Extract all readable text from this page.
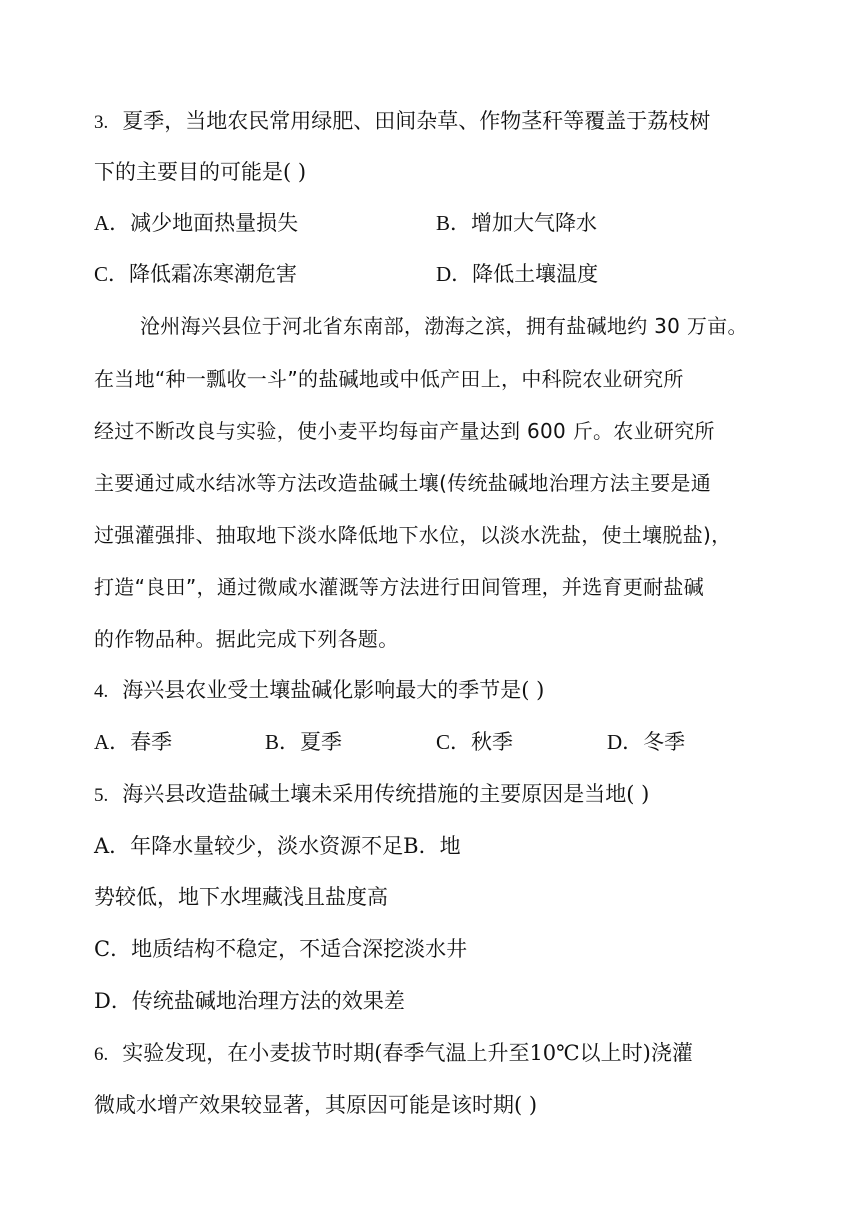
3. 夏季，当地农民常用绿肥、田间杂草、作物茎秆等覆盖于荔枝树
下的主要目的可能是( )
A．减少地面热量损失	B．增加大气降水
C．降低霜冻寒潮危害	D．降低土壤温度
沧州海兴县位于河北省东南部，渤海之滨，拥有盐碱地约 30 万亩。
在当地“种一瓢收一斗”的盐碱地或中低产田上，中科院农业研究所
经过不断改良与实验，使小麦平均每亩产量达到 600 斤。农业研究所
主要通过咸水结冰等方法改造盐碱土壤(传统盐碱地治理方法主要是通
过强灌强排、抽取地下淡水降低地下水位，以淡水洗盐，使土壤脱盐)，
打造“良田”，通过微咸水灌溉等方法进行田间管理，并选育更耐盐碱
的作物品种。据此完成下列各题。
4. 海兴县农业受土壤盐碱化影响最大的季节是( )
A．春季	B．夏季	C．秋季	D．冬季
5. 海兴县改造盐碱土壤未采用传统措施的主要原因是当地( )
A．年降水量较少，淡水资源不足B．地
势较低，地下水埋藏浅且盐度高
C．地质结构不稳定，不适合深挖淡水井
D．传统盐碱地治理方法的效果差
6. 实验发现，在小麦拔节时期(春季气温上升至10℃以上时)浇灌
微咸水增产效果较显著，其原因可能是该时期( )
